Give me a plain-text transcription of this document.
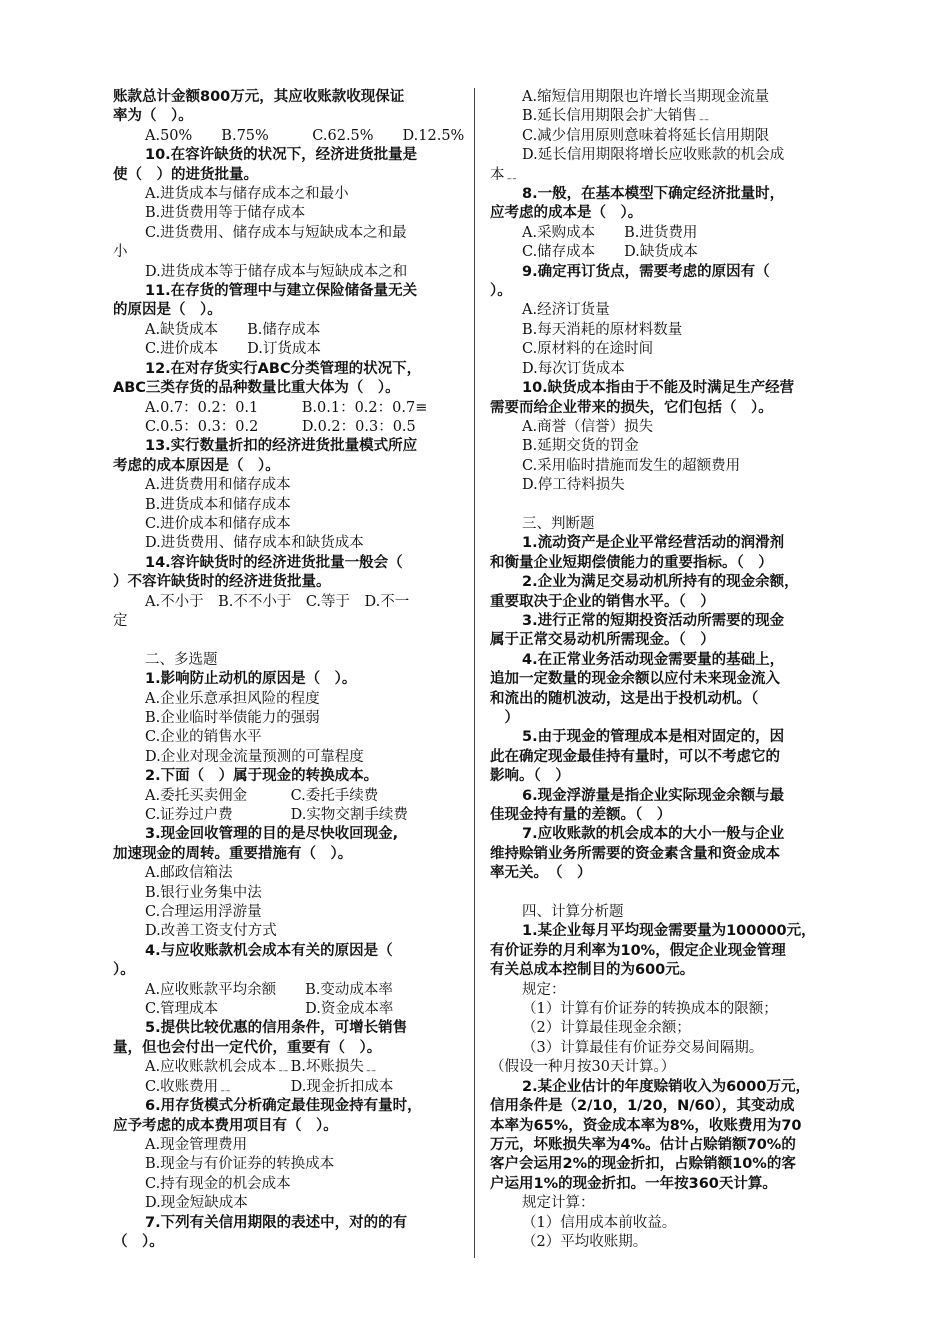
账款总计金额800万元，其应收账款收现保证
率为（　）。
A.50%　　B.75%　　　C.62.5%　　D.12.5%
10.在容许缺货的状况下，经济进货批量是
使（　）的进货批量。
A.进货成本与储存成本之和最小
B.进货费用等于储存成本
C.进货费用、储存成本与短缺成本之和最
小
D.进货成本等于储存成本与短缺成本之和
11.在存货的管理中与建立保险储备量无关
的原因是（　）。
A.缺货成本　　B.储存成本
C.进价成本　　D.订货成本
12.在对存货实行ABC分类管理的状况下，
ABC三类存货的品种数量比重大体为（　）。
A.0.7：0.2：0.1　　　B.0.1：0.2：0.7≡
C.0.5：0.3：0.2　　　D.0.2：0.3：0.5
13.实行数量折扣的经济进货批量模式所应
考虑的成本原因是（　）。
A.进货费用和储存成本
B.进货成本和储存成本
C.进价成本和储存成本
D.进货费用、储存成本和缺货成本
14.容许缺货时的经济进货批量一般会（
）不容许缺货时的经济进货批量。
A.不小于　B.不不小于　C.等于　D.不一
定
二、多选题
1.影响防止动机的原因是（　）。
A.企业乐意承担风险的程度
B.企业临时举债能力的强弱
C.企业的销售水平
D.企业对现金流量预测的可靠程度
2.下面（　）属于现金的转换成本。
A.委托买卖佣金　　　C.委托手续费
C.证券过户费　　　　D.实物交割手续费
3.现金回收管理的目的是尽快收回现金,
加速现金的周转。重要措施有（　）。
A.邮政信箱法
B.银行业务集中法
C.合理运用浮游量
D.改善工资支付方式
4.与应收账款机会成本有关的原因是（
）。
A.应收账款平均余额　　B.变动成本率
C.管理成本　　　　　　D.资金成本率
5.提供比较优惠的信用条件，可增长销售
量，但也会付出一定代价，重要有（　）。
A.应收账款机会成本﹎B.坏账损失﹎
C.收账费用﹎　　　　D.现金折扣成本
6.用存货模式分析确定最佳现金持有量时，
应予考虑的成本费用项目有（　）。
A.现金管理费用
B.现金与有价证券的转换成本
C.持有现金的机会成本
D.现金短缺成本
7.下列有关信用期限的表述中，对的的有
（　）。
A.缩短信用期限也许增长当期现金流量
B.延长信用期限会扩大销售﹎
C.减少信用原则意味着将延长信用期限
D.延长信用期限将增长应收账款的机会成
本﹎
8.一般，在基本模型下确定经济批量时，
应考虑的成本是（　）。
A.采购成本　　B.进货费用
C.储存成本　　D.缺货成本
9.确定再订货点，需要考虑的原因有（
）。
A.经济订货量
B.每天消耗的原材料数量
C.原材料的在途时间
D.每次订货成本
10.缺货成本指由于不能及时满足生产经营
需要而给企业带来的损失，它们包括（　）。
A.商誉（信誉）损失
B.延期交货的罚金
C.采用临时措施而发生的超额费用
D.停工待料损失
三、判断题
1.流动资产是企业平常经营活动的润滑剂
和衡量企业短期偿债能力的重要指标。（　）
2.企业为满足交易动机所持有的现金余额，
重要取决于企业的销售水平。（　）
3.进行正常的短期投资活动所需要的现金
属于正常交易动机所需现金。（　）
4.在正常业务活动现金需要量的基础上，
追加一定数量的现金余额以应付未来现金流入
和流出的随机波动，这是出于投机动机。（
　）
5.由于现金的管理成本是相对固定的，因
此在确定现金最佳持有量时，可以不考虑它的
影响。（　）
6.现金浮游量是指企业实际现金余额与最
佳现金持有量的差额。（　）
7.应收账款的机会成本的大小一般与企业
维持赊销业务所需要的资金素含量和资金成本
率无关。　（　）
四、计算分析题
1.某企业每月平均现金需要量为100000元，
有价证券的月利率为10%，假定企业现金管理
有关总成本控制目的为600元。
规定：
（1）计算有价证券的转换成本的限额；
（2）计算最佳现金余额；
（3）计算最佳有价证券交易间隔期。
（假设一种月按30天计算。）
2.某企业估计的年度赊销收入为6000万元，
信用条件是（2/10，1/20，N/60），其变动成
本率为65%，资金成本率为8%，收账费用为70
万元，坏账损失率为4%。估计占赊销额70%的
客户会运用2%的现金折扣，占赊销额10%的客
户运用1%的现金折扣。一年按360天计算。
规定计算：
（1）信用成本前收益。
（2）平均收账期。
